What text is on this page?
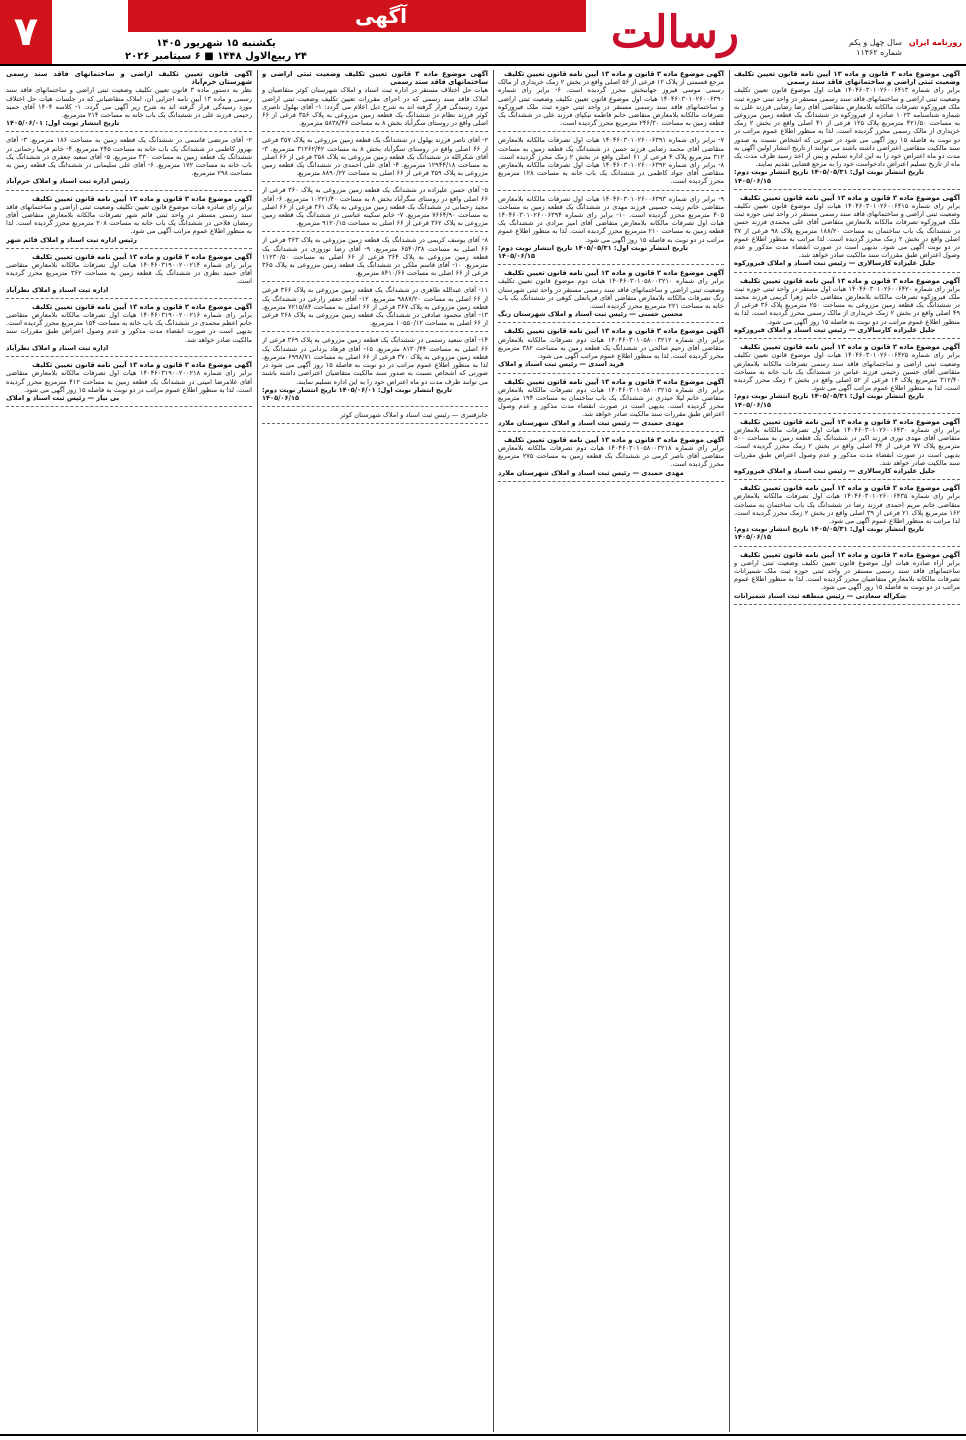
روزنامه ایران
سال چهل و یکم
شماره ۱۱۴۶۲
رسالت
آگهی
یکشنبه ۱۵ شهریور ۱۴۰۵
۲۴ ربیع‌الاول ۱۴۴۸ ■ ۶ سپتامبر ۲۰۲۶
۷
آگهی موضوع ماده ۳ قانون و ماده ۱۳ آیین نامه قانون تعیین تکلیف وضعیت ثبتی اراضی و ساختمانهای فاقد سند رسمی
برابر رای شماره ۱۴۰۴۶۰۳۰۱۰۲۶۰۰۶۴۱۳ هیات اول موضوع قانون تعیین تکلیف وضعیت ثبتی اراضی و ساختمانهای فاقد سند رسمی مستقر در واحد ثبتی حوزه ثبت ملک فیروزکوه تصرفات مالکانه بلامعارض متقاضی آقای رضا رضایی فرزند علی به شماره شناسنامه ۱۰۲۳ صادره از فیروزکوه در ششدانگ یک قطعه زمین مزروعی به مساحت ۴۲۱/۵۰ مترمربع پلاک ۱۲۵ فرعی از ۴۱ اصلی واقع در بخش ۲ زمک خریداری از مالک رسمی محرز گردیده است. لذا به منظور اطلاع عموم مراتب در دو نوبت به فاصله ۱۵ روز آگهی می شود در صورتی که اشخاص نسبت به صدور سند مالکیت متقاضی اعتراضی داشته باشند می توانند از تاریخ انتشار اولین آگهی به مدت دو ماه اعتراض خود را به این اداره تسلیم و پس از اخذ رسید ظرف مدت یک ماه از تاریخ تسلیم اعتراض دادخواست خود را به مرجع قضایی تقدیم نمایند.
تاریخ انتشار نوبت اول: ۱۴۰۵/۰۵/۳۱ تاریخ انتشار نوبت دوم: ۱۴۰۵/۰۶/۱۵
آگهی موضوع ماده ۳ قانون و ماده ۱۳ آیین نامه قانون تعیین تکلیف
برابر رای شماره ۱۴۰۴۶۰۳۰۱۰۲۶۰۰۶۴۱۵ هیات اول موضوع قانون تعیین تکلیف وضعیت ثبتی اراضی و ساختمانهای فاقد سند رسمی مستقر در واحد ثبتی حوزه ثبت ملک فیروزکوه تصرفات مالکانه بلامعارض متقاضی آقای علی محمدی فرزند حسن در ششدانگ یک باب ساختمان به مساحت ۱۸۸/۲۰ مترمربع پلاک ۹۸ فرعی از ۳۷ اصلی واقع در بخش ۲ زمک محرز گردیده است. لذا مراتب به منظور اطلاع عموم در دو نوبت آگهی می شود. بدیهی است در صورت انقضاء مدت مذکور و عدم وصول اعتراض طبق مقررات سند مالکیت صادر خواهد شد.
جلیل علیزاده کارسالاری — رئیس ثبت اسناد و املاک فیروزکوه
آگهی موضوع ماده ۳ قانون و ماده ۱۳ آیین نامه قانون تعیین تکلیف
برابر رای شماره ۱۴۰۴۶۰۳۰۱۰۲۶۰۰۶۴۲۰ هیات اول مستقر در واحد ثبتی حوزه ثبت ملک فیروزکوه تصرفات مالکانه بلامعارض متقاضی خانم زهرا کریمی فرزند محمد در ششدانگ یک قطعه زمین مزروعی به مساحت ۲۵۰ مترمربع پلاک ۳۶ فرعی از ۴۹ اصلی واقع در بخش ۲ زمک خریداری از مالک رسمی محرز گردیده است. لذا به منظور اطلاع عموم مراتب در دو نوبت به فاصله ۱۵ روز آگهی می شود.
جلیل علیزاده کارسالاری — رئیس ثبت اسناد و املاک فیروزکوه
آگهی موضوع ماده ۳ قانون و ماده ۱۳ آیین نامه قانون تعیین تکلیف
برابر رای شماره ۱۴۰۴۶۰۳۰۱۰۲۶۰۰۶۴۲۵ هیات اول موضوع قانون تعیین تکلیف وضعیت ثبتی اراضی و ساختمانهای فاقد سند رسمی تصرفات مالکانه بلامعارض متقاضی آقای حسین رحیمی فرزند عباس در ششدانگ یک باب خانه به مساحت ۳۱۲/۴۰ مترمربع پلاک ۱۴ فرعی از ۵۲ اصلی واقع در بخش ۲ زمک محرز گردیده است. لذا به منظور اطلاع عموم مراتب آگهی می شود.
تاریخ انتشار نوبت اول: ۱۴۰۵/۰۵/۳۱ تاریخ انتشار نوبت دوم: ۱۴۰۵/۰۶/۱۵
آگهی موضوع ماده ۳ قانون و ماده ۱۳ آیین نامه قانون تعیین تکلیف
برابر رای شماره ۱۴۰۴۶۰۳۰۱۰۲۶۰۰۶۴۳۰ هیات اول تصرفات مالکانه بلامعارض متقاضی آقای مهدی نوری فرزند اکبر در ششدانگ یک قطعه زمین به مساحت ۵۰۰ مترمربع پلاک ۷۷ فرعی از ۴۴ اصلی واقع در بخش ۲ زمک محرز گردیده است. بدیهی است در صورت انقضاء مدت مذکور و عدم وصول اعتراض طبق مقررات سند مالکیت صادر خواهد شد.
جلیل علیزاده کارسالاری — رئیس ثبت اسناد و املاک فیروزکوه
آگهی موضوع ماده ۳ قانون و ماده ۱۳ آیین نامه قانون تعیین تکلیف
برابر رای شماره ۱۴۰۴۶۰۳۰۱۰۲۶۰۰۶۴۳۵ هیات اول تصرفات مالکانه بلامعارض متقاضی خانم مریم احمدی فرزند رضا در ششدانگ یک باب ساختمان به مساحت ۱۶۲ مترمربع پلاک ۲۱ فرعی از ۳۹ اصلی واقع در بخش ۲ زمک محرز گردیده است. لذا مراتب به منظور اطلاع عموم آگهی می شود.
تاریخ انتشار نوبت اول: ۱۴۰۵/۰۵/۳۱ تاریخ انتشار نوبت دوم: ۱۴۰۵/۰۶/۱۵
آگهی موضوع ماده ۳ قانون و ماده ۱۳ آیین نامه قانون تعیین تکلیف
برابر آراء صادره هیات اول موضوع قانون تعیین تکلیف وضعیت ثبتی اراضی و ساختمانهای فاقد سند رسمی مستقر در واحد ثبتی حوزه ثبت ملک شمیرانات تصرفات مالکانه بلامعارض متقاضیان محرز گردیده است. لذا به منظور اطلاع عموم مراتب در دو نوبت به فاصله ۱۵ روز آگهی می شود.
شکراله سعادتی — رئیس منطقه ثبت اسناد شمیرانات
آگهی موضوع ماده ۳ قانون و ماده ۱۳ آیین نامه قانون تعیین تکلیف
مرجع قسمتی از پلاک ۱۲ فرعی از ۵۶ اصلی واقع در بخش ۲ زمک خریداری از مالک رسمی موسی فیروز جهانبخش محرز گردیده است. ۶- برابر رای شماره ۱۴۰۴۶۰۳۰۱۰۲۶۰۰۶۳۹۰ هیات اول موضوع قانون تعیین تکلیف وضعیت ثبتی اراضی و ساختمانهای فاقد سند رسمی مستقر در واحد ثبتی حوزه ثبت ملک فیروزکوه تصرفات مالکانه بلامعارض متقاضی خانم فاطمه نیکپای فرزند علی در ششدانگ یک قطعه زمین به مساحت ۲۴۶/۳۰ مترمربع محرز گردیده است.
۷- برابر رای شماره ۱۴۰۴۶۰۳۰۱۰۲۶۰۰۶۳۹۱ هیات اول تصرفات مالکانه بلامعارض متقاضی آقای محمد رضایی فرزند حسن در ششدانگ یک قطعه زمین به مساحت ۳۱۲ مترمربع پلاک ۴ فرعی از ۶۱ اصلی واقع در بخش ۲ زمک محرز گردیده است. ۸- برابر رای شماره ۱۴۰۴۶۰۳۰۱۰۲۶۰۰۶۳۹۲ هیات اول تصرفات مالکانه بلامعارض متقاضی آقای جواد کاظمی در ششدانگ یک باب خانه به مساحت ۱۲۸ مترمربع محرز گردیده است.
۹- برابر رای شماره ۱۴۰۴۶۰۳۰۱۰۲۶۰۰۶۳۹۳ هیات اول تصرفات مالکانه بلامعارض متقاضی خانم زینب حسینی فرزند مهدی در ششدانگ یک قطعه زمین به مساحت ۴۰۵ مترمربع محرز گردیده است. ۱۰- برابر رای شماره ۱۴۰۴۶۰۳۰۱۰۲۶۰۰۶۳۹۴ هیات اول تصرفات مالکانه بلامعارض متقاضی آقای امیر مرادی در ششدانگ یک قطعه زمین به مساحت ۲۱۰ مترمربع محرز گردیده است. لذا به منظور اطلاع عموم مراتب در دو نوبت به فاصله ۱۵ روز آگهی می شود.
تاریخ انتشار نوبت اول: ۱۴۰۵/۰۵/۳۱ تاریخ انتشار نوبت دوم: ۱۴۰۵/۰۶/۱۵
آگهی موضوع ماده ۳ قانون و ماده ۱۳ آیین نامه قانون تعیین تکلیف
برابر رای شماره ۱۴۰۴۶۰۳۰۱۰۵۸۰۰۳۲۱۰ هیات دوم موضوع قانون تعیین تکلیف وضعیت ثبتی اراضی و ساختمانهای فاقد سند رسمی مستقر در واحد ثبتی شهرستان زنگ تصرفات مالکانه بلامعارض متقاضی آقای قربانعلی کوهی در ششدانگ یک باب خانه به مساحت ۲۲۱ مترمربع محرز گردیده است.
محسن حسنی — رئیس ثبت اسناد و املاک شهرستان زنگ
آگهی موضوع ماده ۳ قانون و ماده ۱۳ آیین نامه قانون تعیین تکلیف
برابر رای شماره ۱۴۰۴۶۰۳۰۱۰۵۸۰۰۳۲۱۲ هیات دوم تصرفات مالکانه بلامعارض متقاضی آقای رحیم صالحی در ششدانگ یک قطعه زمین به مساحت ۳۸۲ مترمربع محرز گردیده است. لذا به منظور اطلاع عموم مراتب آگهی می شود.
فرید اسدی — رئیس ثبت اسناد و املاک
آگهی موضوع ماده ۳ قانون و ماده ۱۳ آیین نامه قانون تعیین تکلیف
برابر رای شماره ۱۴۰۴۶۰۳۰۱۰۵۸۰۰۳۲۱۵ هیات دوم تصرفات مالکانه بلامعارض متقاضی خانم لیلا حیدری در ششدانگ یک باب ساختمان به مساحت ۱۹۴ مترمربع محرز گردیده است. بدیهی است در صورت انقضاء مدت مذکور و عدم وصول اعتراض طبق مقررات سند مالکیت صادر خواهد شد.
مهدی حمیدی — رئیس ثبت اسناد و املاک شهرستان ملارد
آگهی موضوع ماده ۳ قانون و ماده ۱۳ آیین نامه قانون تعیین تکلیف
برابر رای شماره ۱۴۰۴۶۰۳۰۱۰۵۸۰۰۳۲۱۸ هیات دوم تصرفات مالکانه بلامعارض متقاضی آقای ناصر کرمی در ششدانگ یک قطعه زمین به مساحت ۲۷۵ مترمربع محرز گردیده است.
مهدی حمیدی — رئیس ثبت اسناد و املاک شهرستان ملارد
آگهی موضوع ماده ۳ قانون تعیین تکلیف وضعیت ثبتی اراضی و ساختمانهای فاقد سند رسمی
هیات حل اختلاف مستقر در اداره ثبت اسناد و املاک شهرستان کوثر متقاضیان و املاک فاقد سند رسمی که در اجرای مقررات تعیین تکلیف وضعیت ثبتی اراضی مورد رسیدگی قرار گرفته اند به شرح ذیل اعلام می گردد: ۱- آقای بهلول ناصری کوثر فرزند نظام در ششدانگ یک قطعه زمین مزروعی به پلاک ۳۵۶ فرعی از ۶۶ اصلی واقع در روستای سگرآباد بخش ۸ به مساحت ۵۸۳۸/۴۶ مترمربع.
۲- آقای ناصر فرزند بهلول در ششدانگ یک قطعه زمین مزروعی به پلاک ۳۵۷ فرعی از ۶۶ اصلی واقع در روستای سگرآباد بخش ۸ به مساحت ۳۱۲۶۲/۴۲ مترمربع. ۳- آقای شکرالله در ششدانگ یک قطعه زمین مزروعی به پلاک ۳۵۸ فرعی از ۶۶ اصلی به مساحت ۱۲۹۴۴/۱۸ مترمربع. ۴- آقای علی احمدی در ششدانگ یک قطعه زمین مزروعی به پلاک ۳۵۹ فرعی از ۶۶ اصلی به مساحت ۸۸۹۰/۲۲ مترمربع.
۵- آقای حسن علیزاده در ششدانگ یک قطعه زمین مزروعی به پلاک ۳۶۰ فرعی از ۶۶ اصلی واقع در روستای سگرآباد بخش ۸ به مساحت ۱۰۲۲۱/۴۰ مترمربع. ۶- آقای مجید رحمانی در ششدانگ یک قطعه زمین مزروعی به پلاک ۳۶۱ فرعی از ۶۶ اصلی به مساحت ۷۶۶۴/۹۰ مترمربع. ۷- خانم سکینه عباسی در ششدانگ یک قطعه زمین مزروعی به پلاک ۳۶۲ فرعی از ۶۶ اصلی به مساحت ۹۱۲۰/۱۵ مترمربع.
۸- آقای یوسف کریمی در ششدانگ یک قطعه زمین مزروعی به پلاک ۳۶۳ فرعی از ۶۶ اصلی به مساحت ۶۵۴۰/۳۸ مترمربع. ۹- آقای رضا نوروزی در ششدانگ یک قطعه زمین مزروعی به پلاک ۳۶۴ فرعی از ۶۶ اصلی به مساحت ۱۱۲۳۰/۵۰ مترمربع. ۱۰- آقای قاسم ملکی در ششدانگ یک قطعه زمین مزروعی به پلاک ۳۶۵ فرعی از ۶۶ اصلی به مساحت ۸۴۱۰/۶۶ مترمربع.
۱۱- آقای عبدالله طاهری در ششدانگ یک قطعه زمین مزروعی به پلاک ۳۶۶ فرعی از ۶۶ اصلی به مساحت ۹۸۸۷/۲۰ مترمربع. ۱۲- آقای جعفر زارعی در ششدانگ یک قطعه زمین مزروعی به پلاک ۳۶۷ فرعی از ۶۶ اصلی به مساحت ۷۲۱۵/۸۴ مترمربع. ۱۳- آقای محمود صادقی در ششدانگ یک قطعه زمین مزروعی به پلاک ۳۶۸ فرعی از ۶۶ اصلی به مساحت ۱۰۵۵۰/۱۲ مترمربع.
۱۴- آقای سعید رستمی در ششدانگ یک قطعه زمین مزروعی به پلاک ۳۶۹ فرعی از ۶۶ اصلی به مساحت ۸۱۳۰/۴۴ مترمربع. ۱۵- آقای فرهاد یزدانی در ششدانگ یک قطعه زمین مزروعی به پلاک ۳۷۰ فرعی از ۶۶ اصلی به مساحت ۶۹۹۸/۷۱ مترمربع. لذا به منظور اطلاع عموم مراتب در دو نوبت به فاصله ۱۵ روز آگهی می شود در صورتی که اشخاص نسبت به صدور سند مالکیت متقاضیان اعتراضی داشته باشند می توانند ظرف مدت دو ماه اعتراض خود را به این اداره تسلیم نمایند.
تاریخ انتشار نوبت اول: ۱۴۰۵/۰۶/۰۱ تاریخ انتشار نوبت دوم: ۱۴۰۵/۰۶/۱۵
جابرقنبری — رئیس ثبت اسناد و املاک شهرستان کوثر
آگهی قانون تعیین تکلیف اراضی و ساختمانهای فاقد سند رسمی شهرستان خرم‌آباد
نظر به دستور ماده ۳ قانون تعیین تکلیف وضعیت ثبتی اراضی و ساختمانهای فاقد سند رسمی و ماده ۱۳ آیین نامه اجرایی آن، املاک متقاضیانی که در جلسات هیات حل اختلاف مورد رسیدگی قرار گرفته اند به شرح زیر آگهی می گردد. ۱- کلاسه ۱۴۰۴ آقای حمید رحیمی فرزند علی در ششدانگ یک باب خانه به مساحت ۲۱۴ مترمربع.
تاریخ انتشار نوبت اول: ۱۴۰۵/۰۶/۰۱
۲- آقای مرتضی قاسمی در ششدانگ یک قطعه زمین به مساحت ۱۸۶ مترمربع. ۳- آقای بهروز کاظمی در ششدانگ یک باب خانه به مساحت ۲۴۵ مترمربع. ۴- خانم فریبا رحمانی در ششدانگ یک قطعه زمین به مساحت ۳۳۰ مترمربع. ۵- آقای سعید جعفری در ششدانگ یک باب خانه به مساحت ۱۷۲ مترمربع. ۶- آقای علی سلیمانی در ششدانگ یک قطعه زمین به مساحت ۲۹۸ مترمربع.
رئیس اداره ثبت اسناد و املاک خرم‌آباد
آگهی موضوع ماده ۳ قانون و ماده ۱۳ آیین نامه قانون تعیین تکلیف
برابر رای صادره هیات موضوع قانون تعیین تکلیف وضعیت ثبتی اراضی و ساختمانهای فاقد سند رسمی مستقر در واحد ثبتی قائم شهر تصرفات مالکانه بلامعارض متقاضی آقای رمضان فلاحی در ششدانگ یک باب خانه به مساحت ۲۰۸ مترمربع محرز گردیده است. لذا به منظور اطلاع عموم مراتب آگهی می شود.
رئیس اداره ثبت اسناد و املاک قائم شهر
آگهی موضوع ماده ۳ قانون و ماده ۱۳ آیین نامه قانون تعیین تکلیف
برابر رای شماره ۱۴۰۴۶۰۳۱۹۰۰۲۰۰۲۱۴ هیات اول تصرفات مالکانه بلامعارض متقاضی آقای حمید نظری در ششدانگ یک قطعه زمین به مساحت ۳۶۲ مترمربع محرز گردیده است.
اداره ثبت اسناد و املاک نظرآباد
آگهی موضوع ماده ۳ قانون و ماده ۱۳ آیین نامه قانون تعیین تکلیف
برابر رای شماره ۱۴۰۴۶۰۳۱۹۰۰۲۰۰۲۱۶ هیات اول تصرفات مالکانه بلامعارض متقاضی خانم اعظم محمدی در ششدانگ یک باب خانه به مساحت ۱۵۴ مترمربع محرز گردیده است. بدیهی است در صورت انقضاء مدت مذکور و عدم وصول اعتراض طبق مقررات سند مالکیت صادر خواهد شد.
اداره ثبت اسناد و املاک نظرآباد
آگهی موضوع ماده ۳ قانون و ماده ۱۳ آیین نامه قانون تعیین تکلیف
برابر رای شماره ۱۴۰۴۶۰۳۱۹۰۰۲۰۰۲۱۸ هیات اول تصرفات مالکانه بلامعارض متقاضی آقای غلامرضا امینی در ششدانگ یک قطعه زمین به مساحت ۴۱۲ مترمربع محرز گردیده است. لذا به منظور اطلاع عموم مراتب در دو نوبت به فاصله ۱۵ روز آگهی می شود.
بی نیاز — رئیس ثبت اسناد و املاک
